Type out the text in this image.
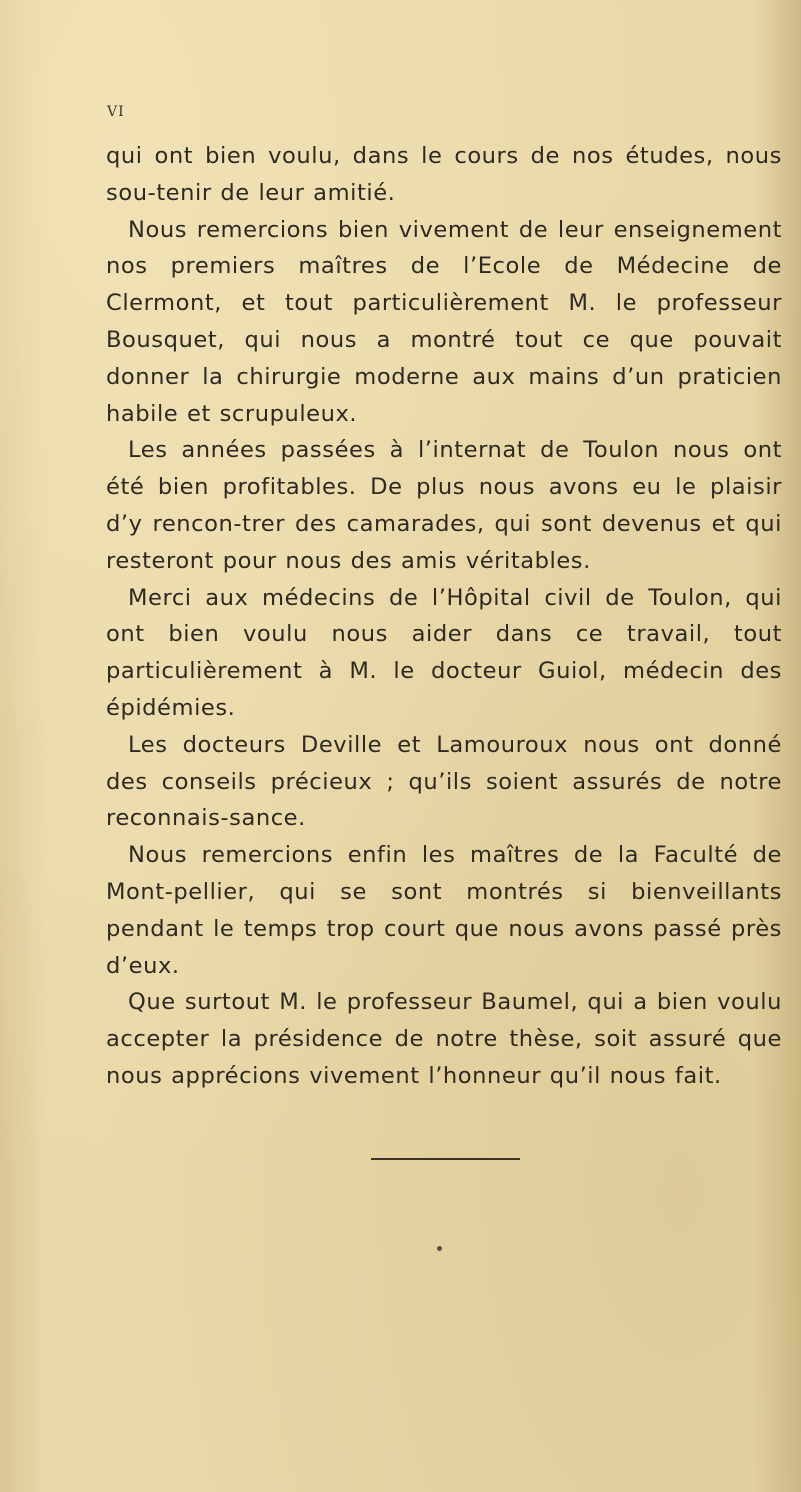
VI

qui ont bien voulu, dans le cours de nos études, nous sou-tenir de leur amitié.

Nous remercions bien vivement de leur enseignement nos premiers maîtres de l’Ecole de Médecine de Clermont, et tout particulièrement M. le professeur Bousquet, qui nous a montré tout ce que pouvait donner la chirurgie moderne aux mains d’un praticien habile et scrupuleux.

Les années passées à l’internat de Toulon nous ont été bien profitables. De plus nous avons eu le plaisir d’y rencon-trer des camarades, qui sont devenus et qui resteront pour nous des amis véritables.

Merci aux médecins de l’Hôpital civil de Toulon, qui ont bien voulu nous aider dans ce travail, tout particulièrement à M. le docteur Guiol, médecin des épidémies.

Les docteurs Deville et Lamouroux nous ont donné des conseils précieux ; qu’ils soient assurés de notre reconnais-sance.

Nous remercions enfin les maîtres de la Faculté de Mont-pellier, qui se sont montrés si bienveillants pendant le temps trop court que nous avons passé près d’eux.

Que surtout M. le professeur Baumel, qui a bien voulu accepter la présidence de notre thèse, soit assuré que nous apprécions vivement l’honneur qu’il nous fait.
